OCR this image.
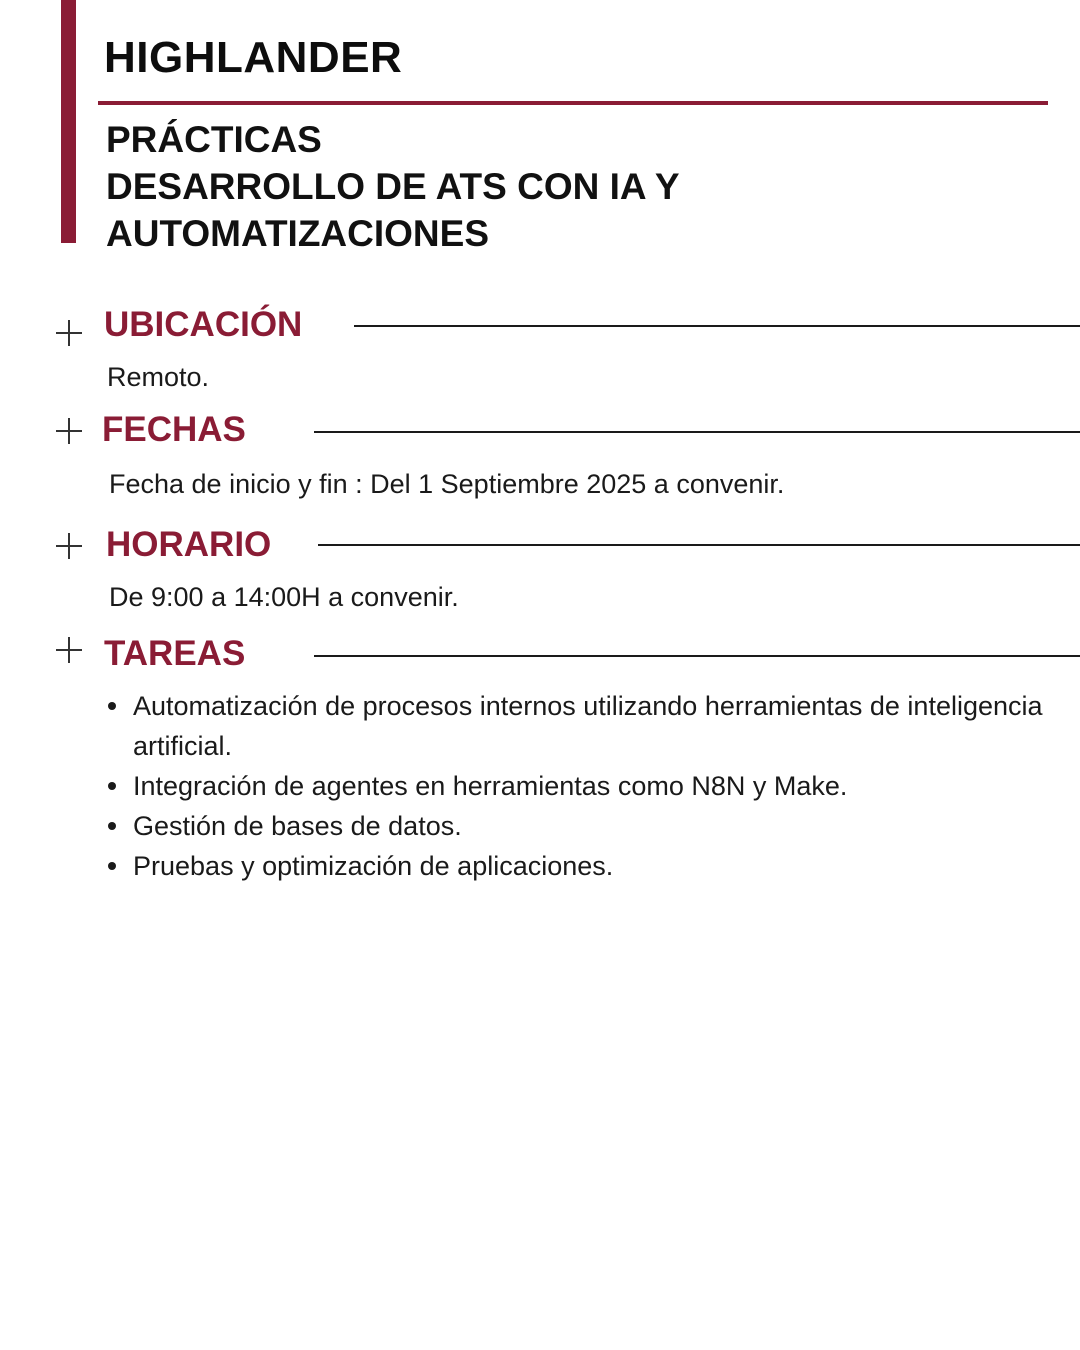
HIGHLANDER
PRÁCTICAS
DESARROLLO DE ATS CON IA Y
AUTOMATIZACIONES
UBICACIÓN

Remoto.

FECHAS

Fecha de inicio y fin : Del 1 Septiembre 2025 a convenir.

HORARIO

De 9:00 a 14:00H a convenir.

TAREAS
Automatización de procesos internos utilizando herramientas de inteligencia artificial.
Integración de agentes en herramientas como N8N y Make.
Gestión de bases de datos.
Pruebas y optimización de aplicaciones.
